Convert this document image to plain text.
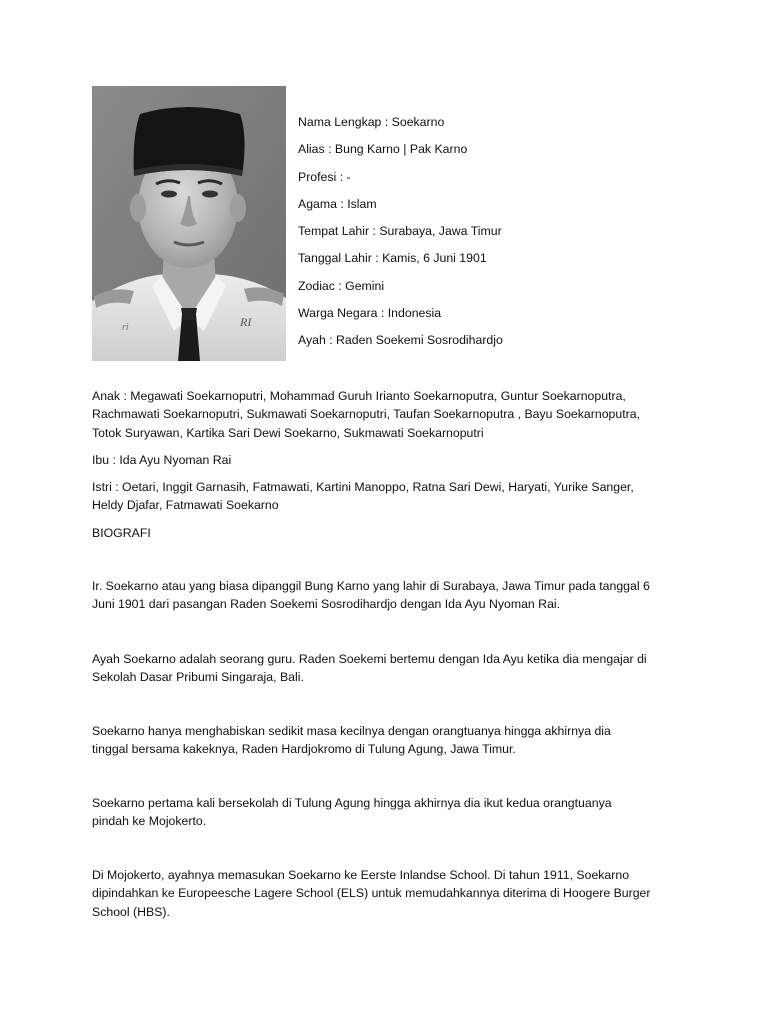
RI
ri
Nama Lengkap : Soekarno
Alias : Bung Karno | Pak Karno
Profesi : -
Agama : Islam
Tempat Lahir : Surabaya, Jawa Timur
Tanggal Lahir : Kamis, 6 Juni 1901
Zodiac : Gemini
Warga Negara : Indonesia
Ayah : Raden Soekemi Sosrodihardjo
Anak : Megawati Soekarnoputri, Mohammad Guruh Irianto Soekarnoputra, Guntur Soekarnoputra,
Rachmawati Soekarnoputri, Sukmawati Soekarnoputri, Taufan Soekarnoputra , Bayu Soekarnoputra,
Totok Suryawan, Kartika Sari Dewi Soekarno, Sukmawati Soekarnoputri
Ibu : Ida Ayu Nyoman Rai
Istri : Oetari, Inggit Garnasih, Fatmawati, Kartini Manoppo, Ratna Sari Dewi, Haryati, Yurike Sanger,
Heldy Djafar, Fatmawati Soekarno
BIOGRAFI
Ir. Soekarno atau yang biasa dipanggil Bung Karno yang lahir di Surabaya, Jawa Timur pada tanggal 6
Juni 1901 dari pasangan Raden Soekemi Sosrodihardjo dengan Ida Ayu Nyoman Rai.
Ayah Soekarno adalah seorang guru. Raden Soekemi bertemu dengan Ida Ayu ketika dia mengajar di
Sekolah Dasar Pribumi Singaraja, Bali.
Soekarno hanya menghabiskan sedikit masa kecilnya dengan orangtuanya hingga akhirnya dia
tinggal bersama kakeknya, Raden Hardjokromo di Tulung Agung, Jawa Timur.
Soekarno pertama kali bersekolah di Tulung Agung hingga akhirnya dia ikut kedua orangtuanya
pindah ke Mojokerto.
Di Mojokerto, ayahnya memasukan Soekarno ke Eerste Inlandse School. Di tahun 1911, Soekarno
dipindahkan ke Europeesche Lagere School (ELS) untuk memudahkannya diterima di Hoogere Burger
School (HBS).
